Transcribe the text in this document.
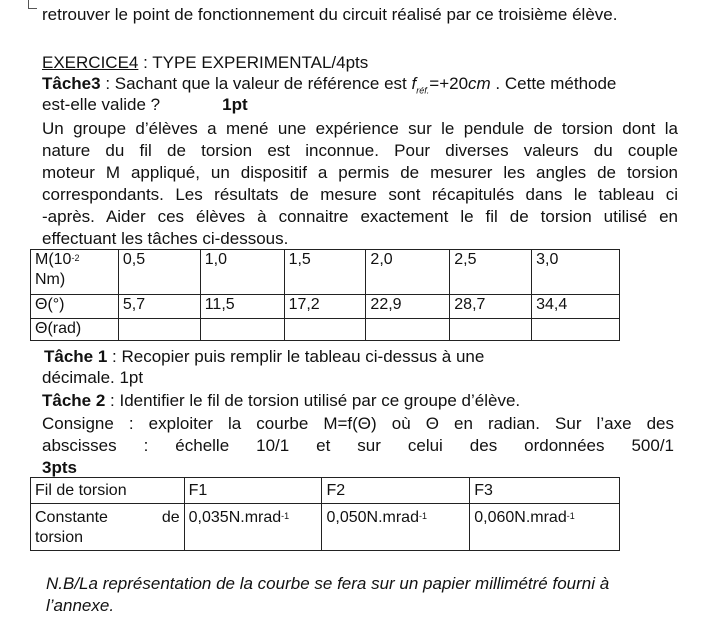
retrouver le point de fonctionnement du circuit réalisé par ce troisième élève.
EXERCICE4 : TYPE EXPERIMENTAL/4pts
Tâche3 : Sachant que la valeur de référence est $f_{réf.}=+20cm$ . Cette méthode
est-elle valide ?	1pt
Un groupe d’élèves a mené une expérience sur le pendule de torsion dont la
nature du fil de torsion est inconnue. Pour diverses valeurs du couple
moteur M appliqué, un dispositif a permis de mesurer les angles de torsion
correspondants. Les résultats de mesure sont récapitulés dans le tableau ci
-après. Aider ces élèves à connaitre exactement le fil de torsion utilisé en
effectuant les tâches ci-dessous.
$M(10^{-2}$
Nm)	0,5	1,0	1,5	2,0	2,5	3,0
Θ(°)	5,7	11,5	17,2	22,9	28,7	34,4
Θ(rad)						
Tâche 1 : Recopier puis remplir le tableau ci-dessus à une
décimale. 1pt
Tâche 2 : Identifier le fil de torsion utilisé par ce groupe d’élève.
Consigne : exploiter la courbe M=f(Θ) où Θ en radian. Sur l’axe des
abscisses : échelle 10/1 et sur celui des ordonnées 500/1
3pts
Fil de torsion	F1	F2	F3

Constante de
torsion	0,035N.mrad$^{-1}$	0,050N.mrad$^{-1}$	0,060N.mrad$^{-1}$
N.B/La représentation de la courbe se fera sur un papier millimétré fourni à
l’annexe.
